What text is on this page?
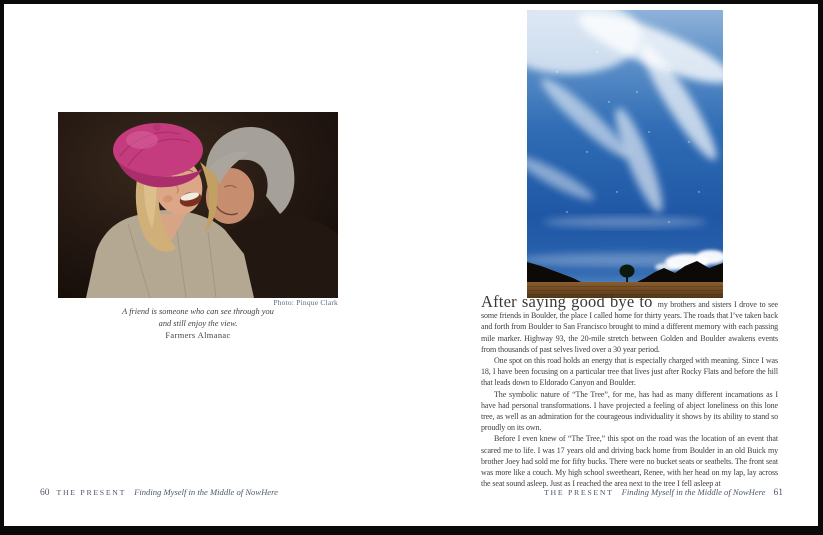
Photo: Pinque Clark
A friend is someone who can see through you
and still enjoy the view.
Farmers Almanac
60 THE PRESENT Finding Myself in the Middle of NowHere

After saying good bye to my brothers and sisters I drove to see some friends in Boulder, the place I called home for thirty years. The roads that I’ve taken back and forth from Boulder to San Francisco brought to mind a different memory with each passing mile marker. Highway 93, the 20-mile stretch between Golden and Boulder awakens events from thousands of past selves lived over a 30 year period.

One spot on this road holds an energy that is especially charged with meaning. Since I was 18, I have been focusing on a particular tree that lives just after Rocky Flats and before the hill that leads down to Eldorado Canyon and Boulder.

The symbolic nature of “The Tree”, for me, has had as many different incarnations as I have had personal transformations. I have projected a feeling of abject loneliness on this lone tree, as well as an admiration for the courageous individuality it shows by its ability to stand so proudly on its own.

Before I even knew of “The Tree,” this spot on the road was the location of an event that scared me to life. I was 17 years old and driving back home from Boulder in an old Buick my brother Joey had sold me for fifty bucks. There were no bucket seats or seatbelts. The front seat was more like a couch. My high school sweetheart, Renee, with her head on my lap, lay across the seat sound asleep. Just as I reached the area next to the tree I fell asleep at

THE PRESENT Finding Myself in the Middle of NowHere 61
